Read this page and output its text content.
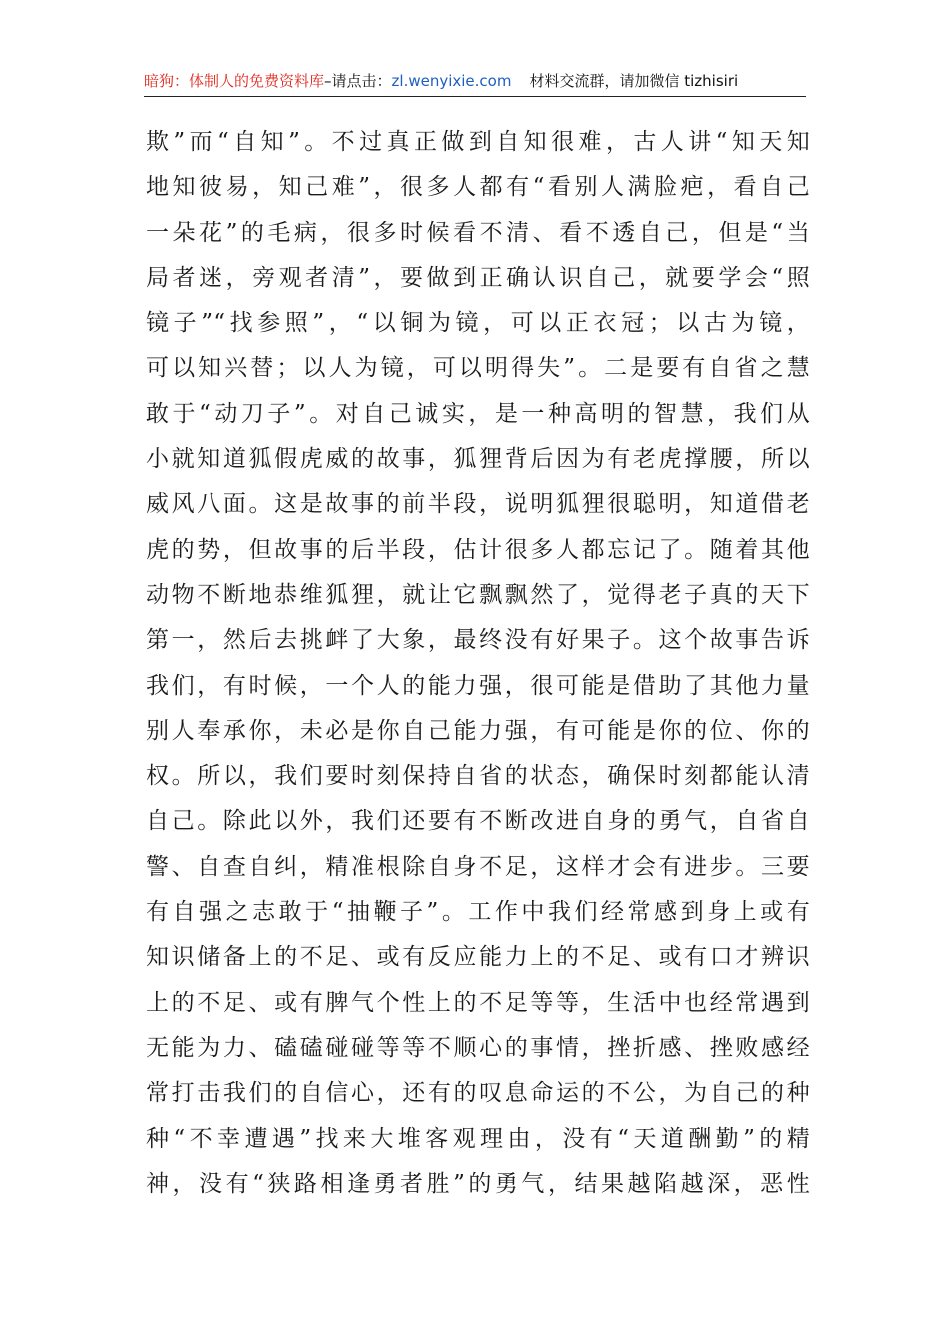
暗狗：体制人的免费资料库–请点击：zl.wenyixie.com 材料交流群，请加微信 tizhisiri
欺”而“自知”。不过真正做到自知很难，古人讲“知天知
地知彼易，知己难”，很多人都有“看别人满脸疤，看自己
一朵花”的毛病，很多时候看不清、看不透自己，但是“当
局者迷，旁观者清”，要做到正确认识自己，就要学会“照
镜子”“找参照”，“以铜为镜，可以正衣冠；以古为镜，
可以知兴替；以人为镜，可以明得失”。二是要有自省之慧
敢于“动刀子”。对自己诚实，是一种高明的智慧，我们从
小就知道狐假虎威的故事，狐狸背后因为有老虎撑腰，所以
威风八面。这是故事的前半段，说明狐狸很聪明，知道借老
虎的势，但故事的后半段，估计很多人都忘记了。随着其他
动物不断地恭维狐狸，就让它飘飘然了，觉得老子真的天下
第一，然后去挑衅了大象，最终没有好果子。这个故事告诉
我们，有时候，一个人的能力强，很可能是借助了其他力量
别人奉承你，未必是你自己能力强，有可能是你的位、你的
权。所以，我们要时刻保持自省的状态，确保时刻都能认清
自己。除此以外，我们还要有不断改进自身的勇气，自省自
警、自查自纠，精准根除自身不足，这样才会有进步。三要
有自强之志敢于“抽鞭子”。工作中我们经常感到身上或有
知识储备上的不足、或有反应能力上的不足、或有口才辨识
上的不足、或有脾气个性上的不足等等，生活中也经常遇到
无能为力、磕磕碰碰等等不顺心的事情，挫折感、挫败感经
常打击我们的自信心，还有的叹息命运的不公，为自己的种
种“不幸遭遇”找来大堆客观理由，没有“天道酬勤”的精
神，没有“狭路相逢勇者胜”的勇气，结果越陷越深，恶性
